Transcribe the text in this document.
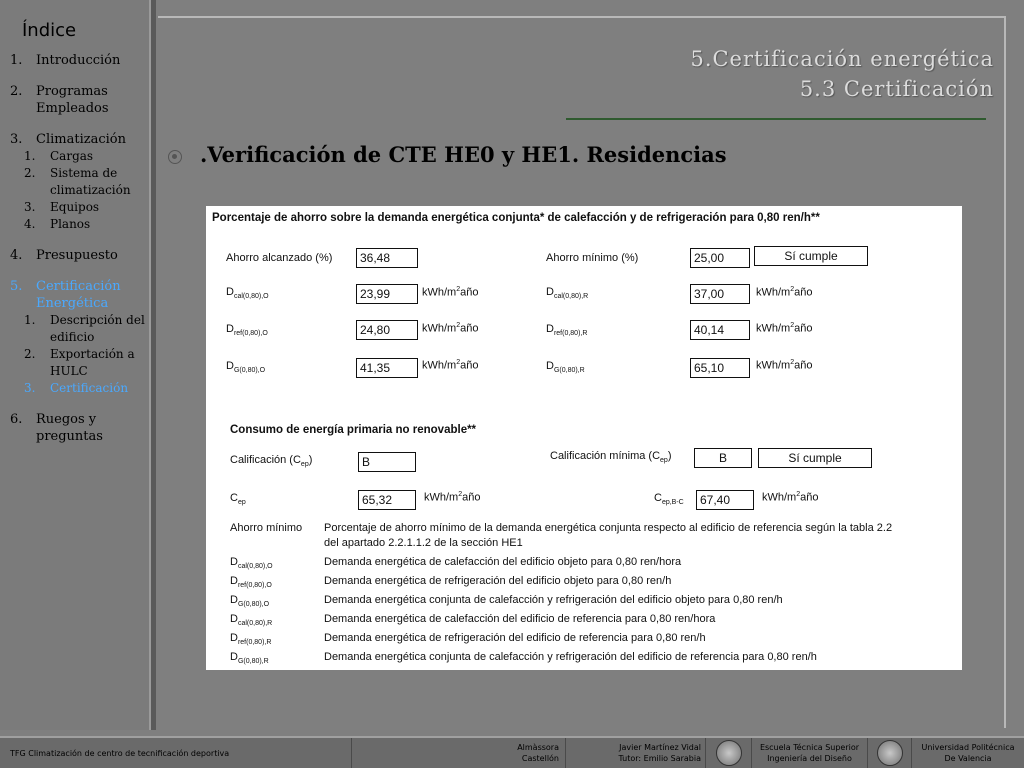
Índice
1.	Introducción
2.	Programas Empleados
3.	Climatización
1.	Cargas
2.	Sistema de climatización
3.	Equipos
4.	Planos
4.	Presupuesto
5.	Certificación Energética
1.	Descripción del edificio
2.	Exportación a HULC
3.	Certificación
6.	Ruegos y preguntas
5.Certificación energética
5.3 Certificación
.Verificación de CTE HE0 y HE1. Residencias
Porcentaje de ahorro sobre la demanda energética conjunta* de calefacción y de refrigeración para 0,80 ren/h**
Ahorro alcanzado (%) 36,48	Ahorro mínimo (%)	25,00	Sí cumple
$D_{cal(0,80),O}$	23,99	kWh/$m^2año$	$D_{cal(0,80),R}$	37,00	kWh/$m^2año$
$D_{ref(0,80),O}$	24,80	kWh/$m^2año$	$D_{ref(0,80),R}$	40,14	kWh/$m^2año$
$D_{G(0,80),O}$	41,35	kWh/$m^2año$	$D_{G(0,80),R}$	65,10	kWh/$m^2año$
Consumo de energía primaria no renovable**
Calificación $(C_{ep})$	B	Calificación mínima $(C_{ep})$	B	Sí cumple
$C_{ep}$	65,32	kWh/$m^2año$	$C_{ep,B-C}$ 67,40	kWh/$m^2año$
Ahorro mínimo Porcentaje de ahorro mínimo de la demanda energética conjunta respecto al edificio de referencia según la tabla 2.2
del apartado 2.2.1.1.2 de la sección HE1
$D_{cal(0,80),O}$	Demanda energética de calefacción del edificio objeto para 0,80 ren/hora
$D_{ref(0,80),O}$	Demanda energética de refrigeración del edificio objeto para 0,80 ren/h
$D_{G(0,80),O}$	Demanda energética conjunta de calefacción y refrigeración del edificio objeto para 0,80 ren/h
$D_{cal(0,80),R}$	Demanda energética de calefacción del edificio de referencia para 0,80 ren/hora
$D_{ref(0,80),R}$	Demanda energética de refrigeración del edificio de referencia para 0,80 ren/h
$D_{G(0,80),R}$	Demanda energética conjunta de calefacción y refrigeración del edificio de referencia para 0,80 ren/h
TFG Climatización de centro de tecnificación deportiva
Almàssora
Castellón
Javier Martínez Vidal
Tutor: Emilio Sarabia
Escuela Técnica Superior
Ingeniería del Diseño
Universidad Politécnica
De Valencia
